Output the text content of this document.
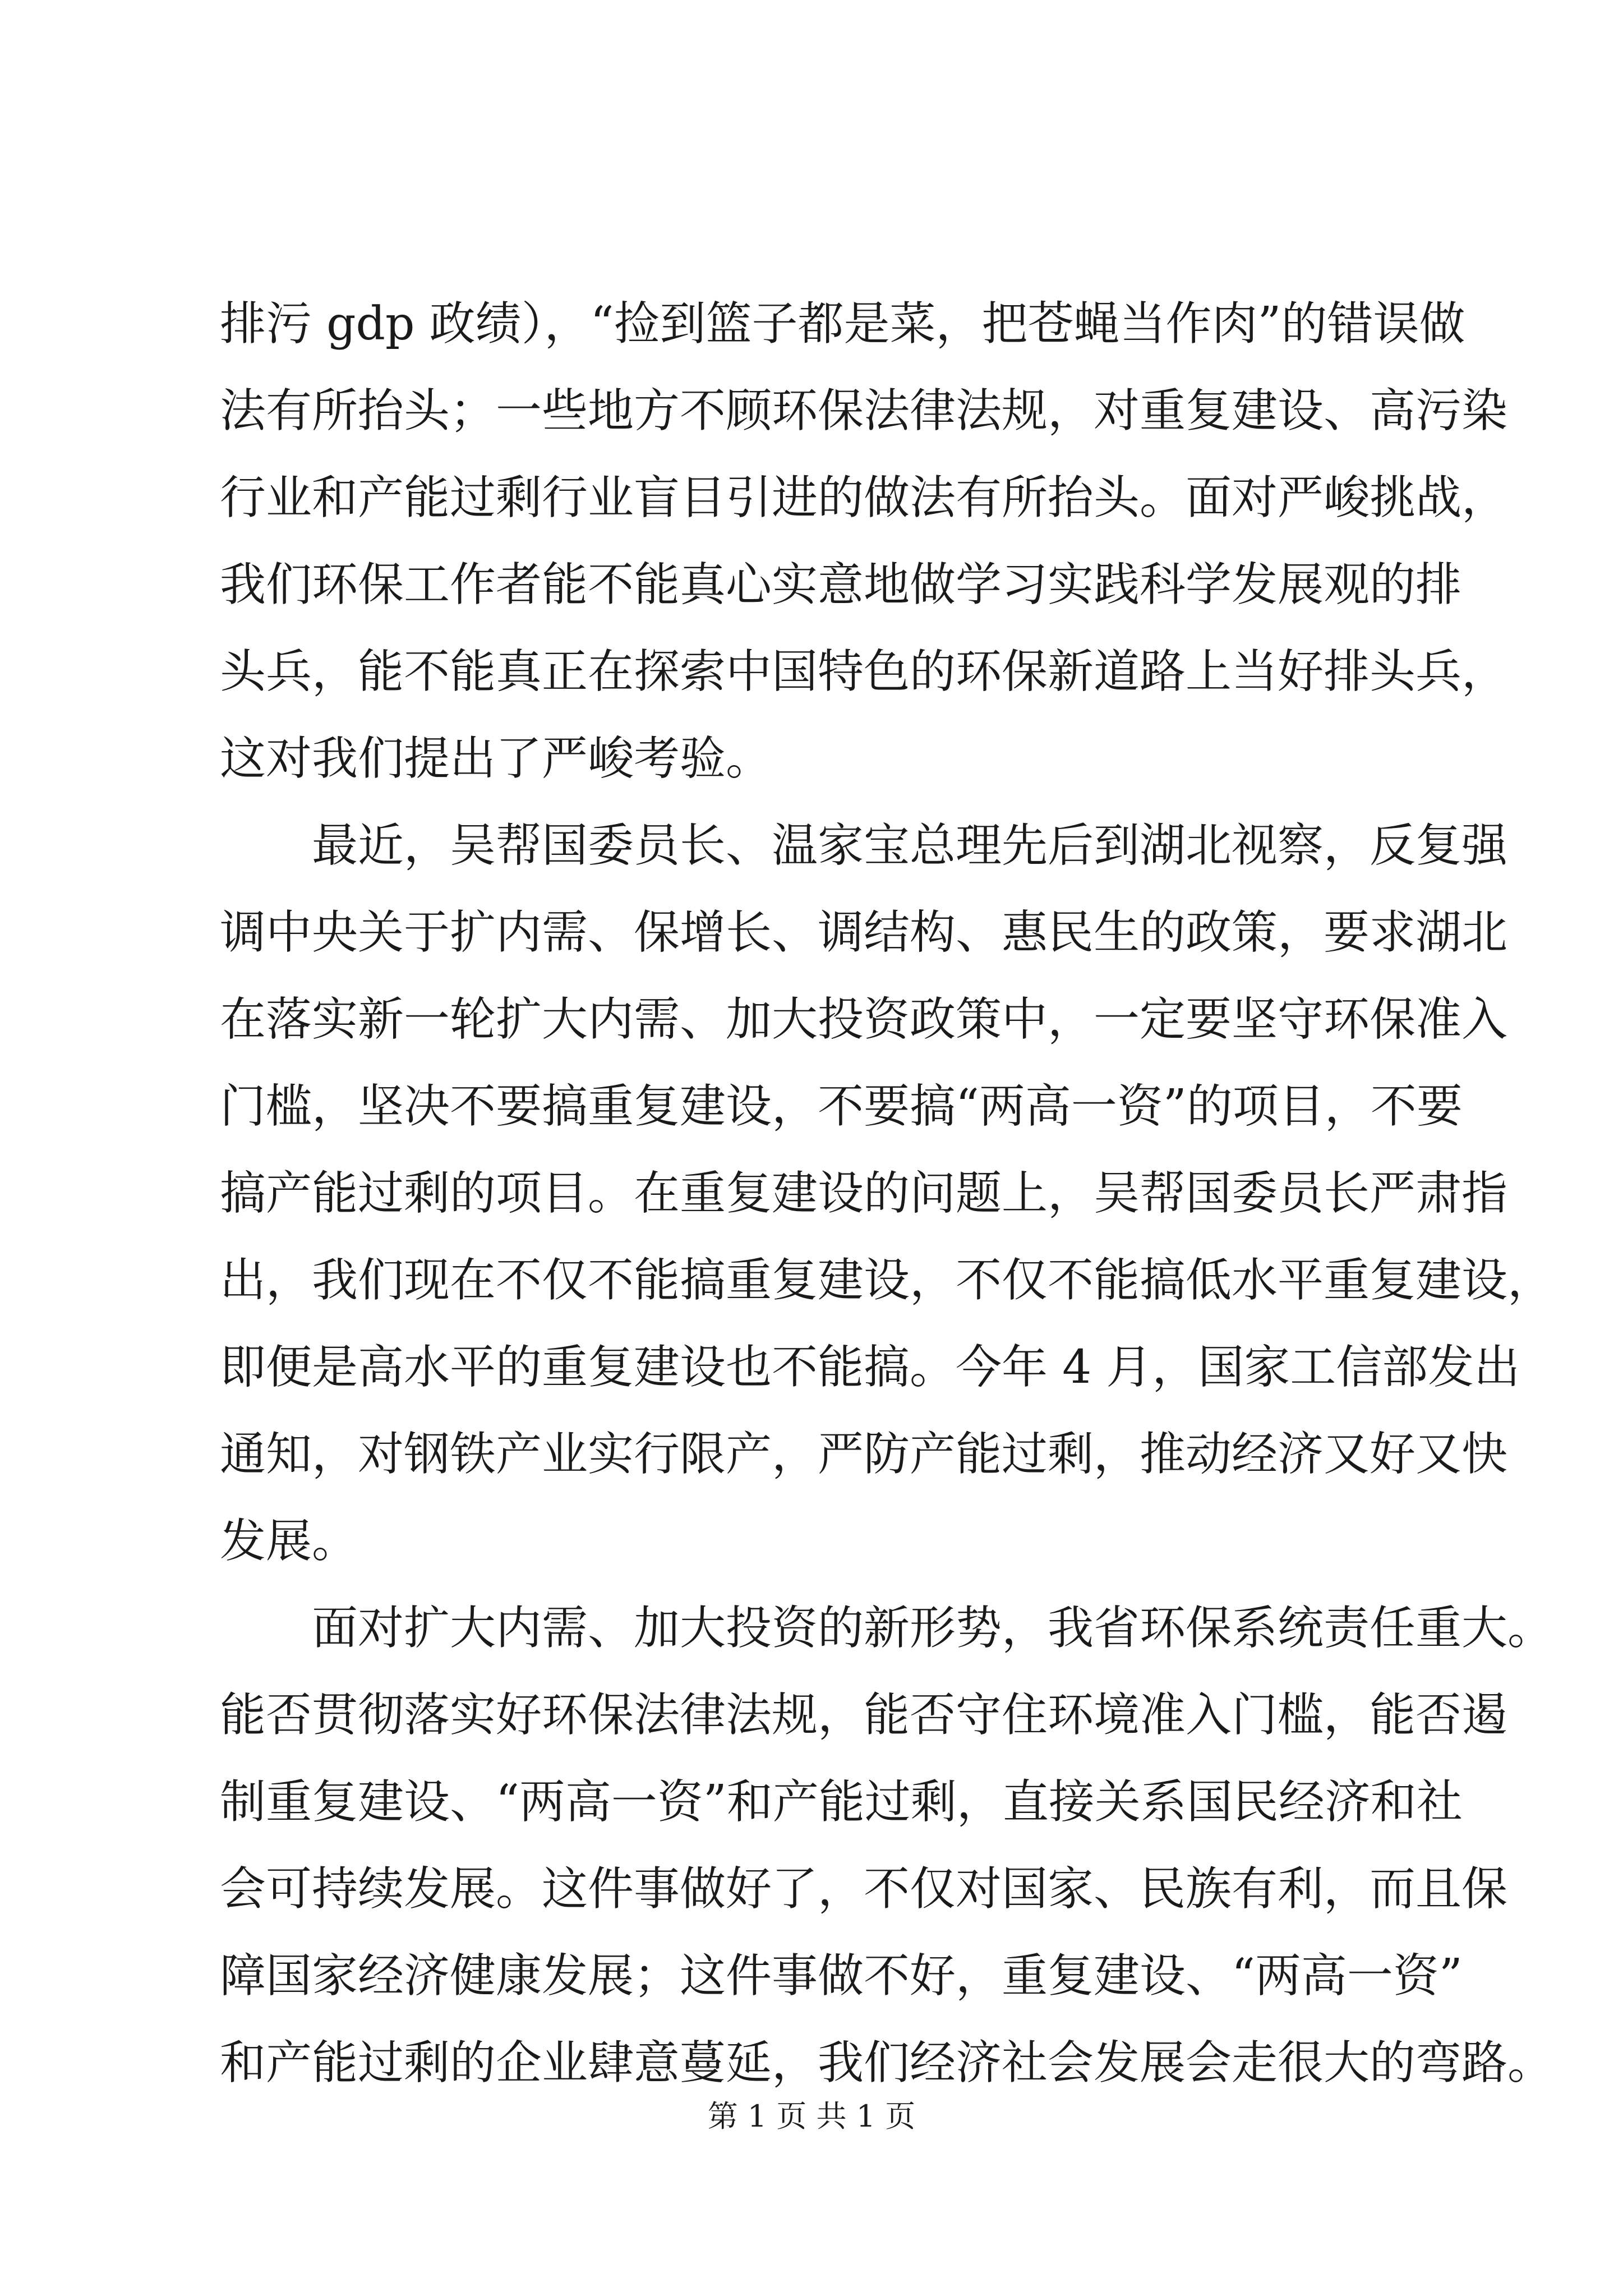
排污 gdp 政绩），“捡到篮子都是菜，把苍蝇当作肉”的错误做
法有所抬头；一些地方不顾环保法律法规，对重复建设、高污染
行业和产能过剩行业盲目引进的做法有所抬头。面对严峻挑战，
我们环保工作者能不能真心实意地做学习实践科学发展观的排
头兵，能不能真正在探索中国特色的环保新道路上当好排头兵，
这对我们提出了严峻考验。
最近，吴帮国委员长、温家宝总理先后到湖北视察，反复强
调中央关于扩内需、保增长、调结构、惠民生的政策，要求湖北
在落实新一轮扩大内需、加大投资政策中，一定要坚守环保准入
门槛，坚决不要搞重复建设，不要搞“两高一资”的项目，不要
搞产能过剩的项目。在重复建设的问题上，吴帮国委员长严肃指
出，我们现在不仅不能搞重复建设，不仅不能搞低水平重复建设，
即便是高水平的重复建设也不能搞。今年 4 月，国家工信部发出
通知，对钢铁产业实行限产，严防产能过剩，推动经济又好又快
发展。
面对扩大内需、加大投资的新形势，我省环保系统责任重大。
能否贯彻落实好环保法律法规，能否守住环境准入门槛，能否遏
制重复建设、“两高一资”和产能过剩，直接关系国民经济和社
会可持续发展。这件事做好了，不仅对国家、民族有利，而且保
障国家经济健康发展；这件事做不好，重复建设、“两高一资”
和产能过剩的企业肆意蔓延，我们经济社会发展会走很大的弯路。
第 1 页 共 1 页
